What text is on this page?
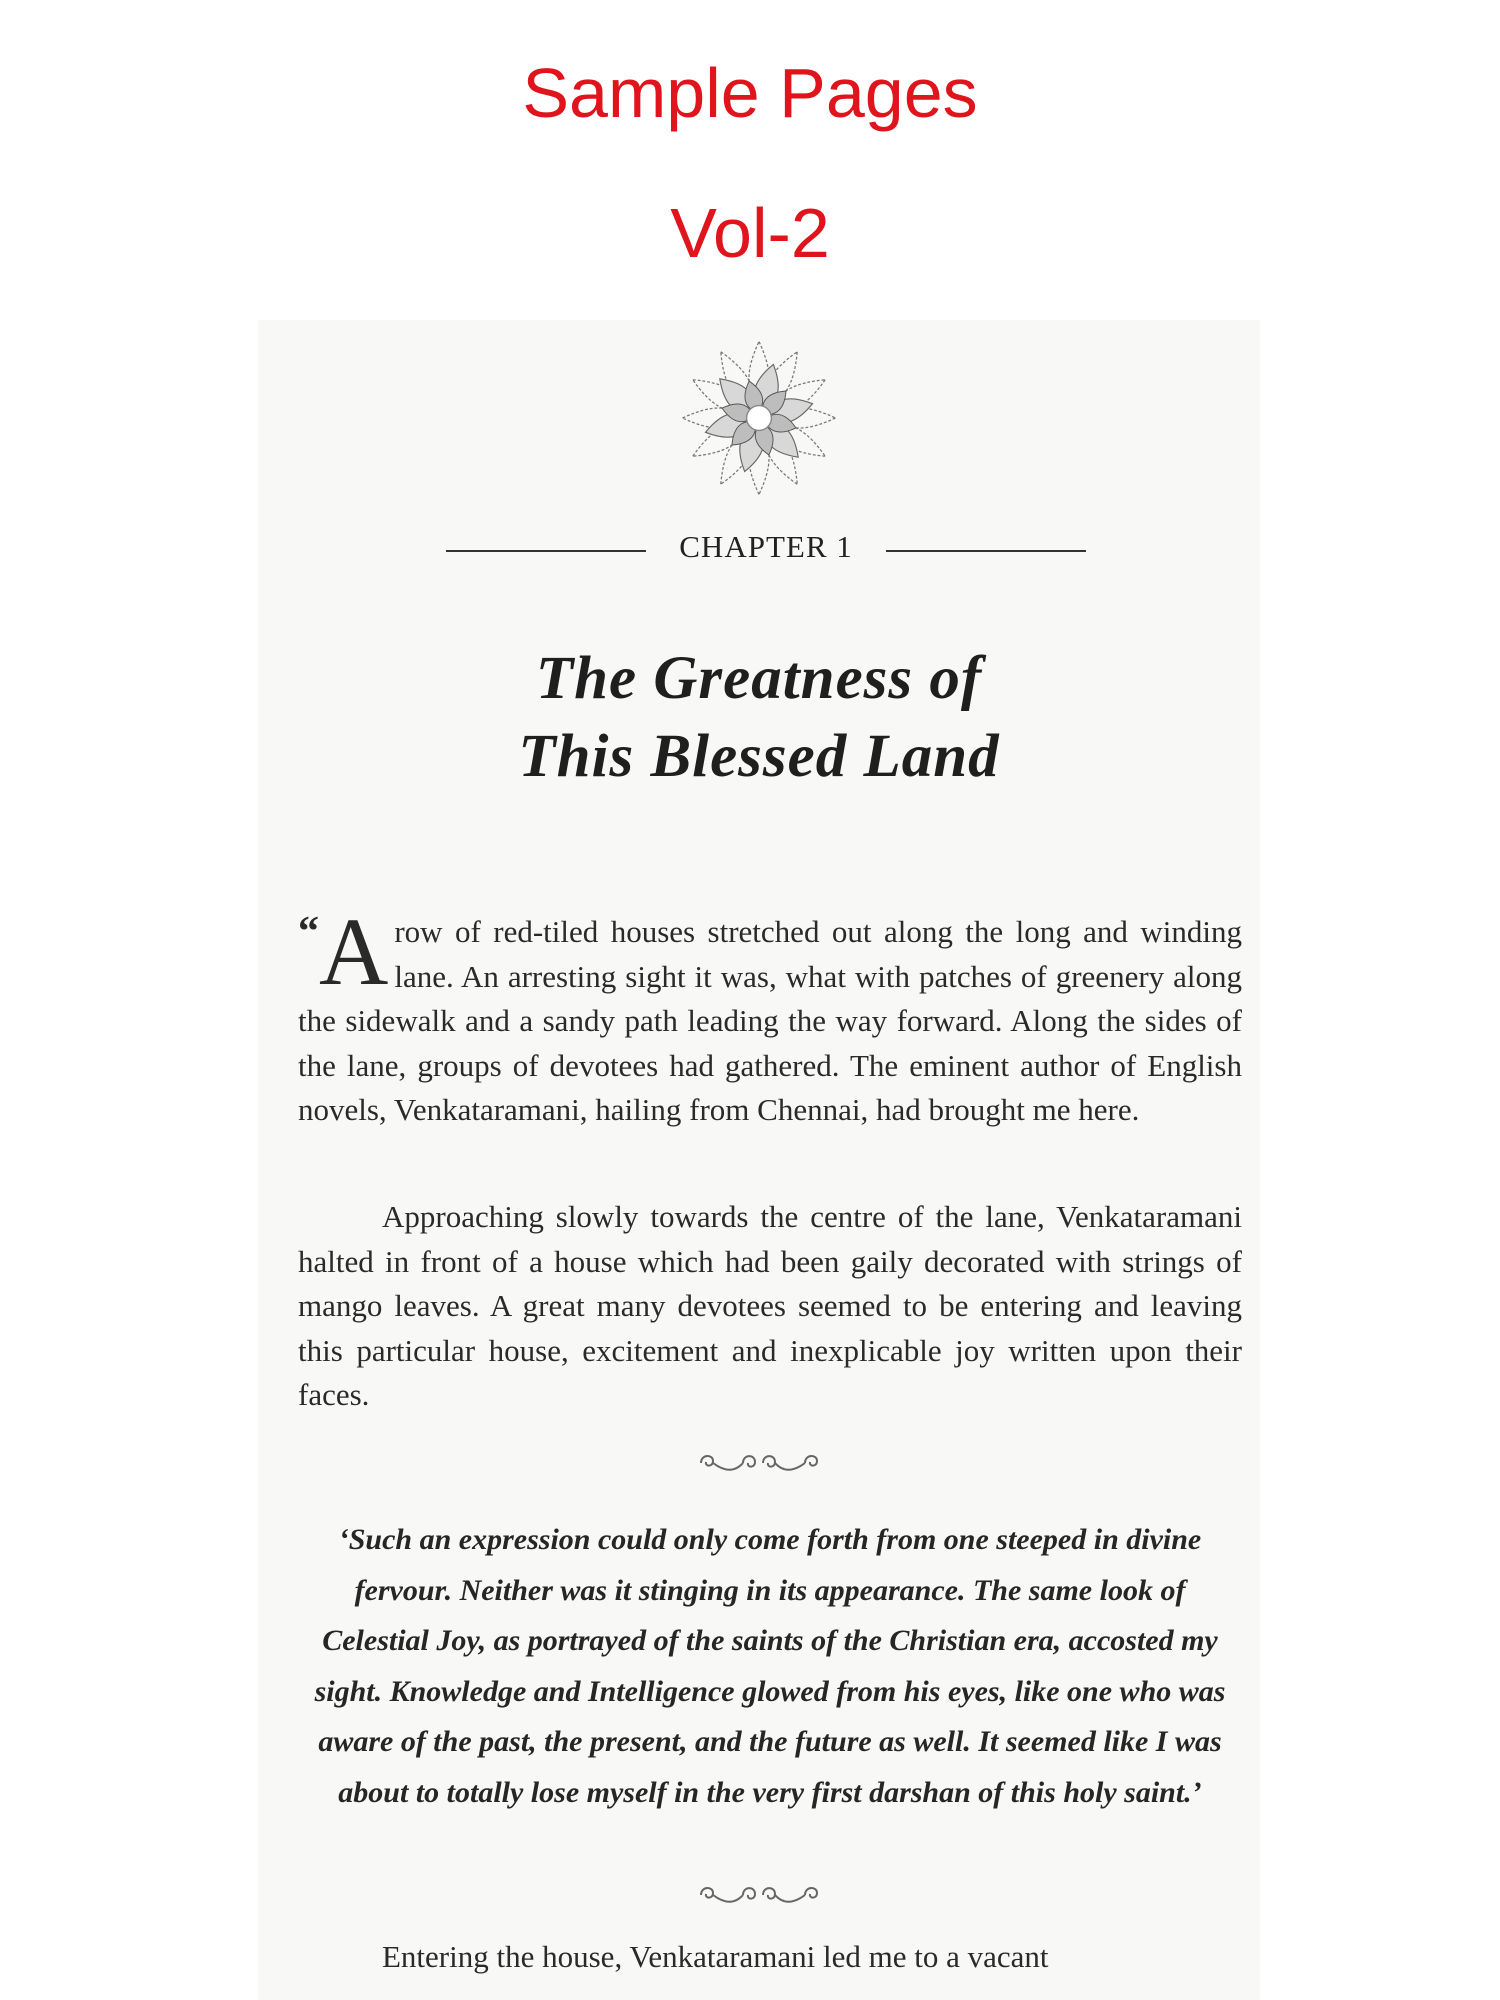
Sample Pages
Vol-2
CHAPTER 1
The Greatness of
This Blessed Land

“A row of red-tiled houses stretched out along the long and winding lane. An arresting sight it was, what with patches of greenery along the sidewalk and a sandy path leading the way forward. Along the sides of the lane, groups of devotees had gathered. The eminent author of English novels, Venkataramani, hailing from Chennai, had brought me here.

Approaching slowly towards the centre of the lane, Venkataramani halted in front of a house which had been gaily decorated with strings of mango leaves. A great many devotees seemed to be entering and leaving this particular house, excitement and inexplicable joy written upon their faces.

‘Such an expression could only come forth from one steeped in divine fervour. Neither was it stinging in its appearance. The same look of Celestial Joy, as portrayed of the saints of the Christian era, accosted my sight. Knowledge and Intelligence glowed from his eyes, like one who was aware of the past, the present, and the future as well. It seemed like I was about to totally lose myself in the very first darshan of this holy saint.’

Entering the house, Venkataramani led me to a vacant
